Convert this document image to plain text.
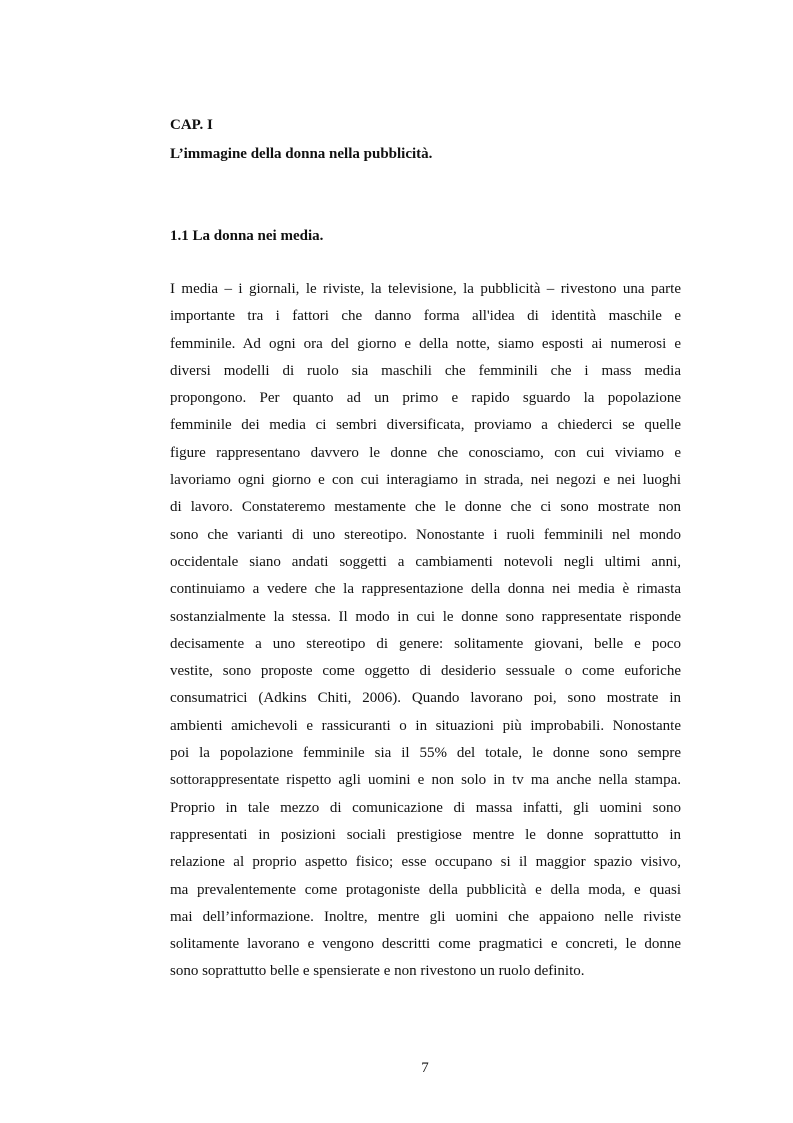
CAP. I

L’immagine della donna nella pubblicità.

1.1 La donna nei media.

I media – i giornali, le riviste, la televisione, la pubblicità – rivestono una parte
importante tra i fattori che danno forma all'idea di identità maschile e
femminile. Ad ogni ora del giorno e della notte, siamo esposti ai numerosi e
diversi modelli di ruolo sia maschili che femminili che i mass media
propongono. Per quanto ad un primo e rapido sguardo la popolazione
femminile dei media ci sembri diversificata, proviamo a chiederci se quelle
figure rappresentano davvero le donne che conosciamo, con cui viviamo e
lavoriamo ogni giorno e con cui interagiamo in strada, nei negozi e nei luoghi
di lavoro. Constateremo mestamente che le donne che ci sono mostrate non
sono che varianti di uno stereotipo. Nonostante i ruoli femminili nel mondo
occidentale siano andati soggetti a cambiamenti notevoli negli ultimi anni,
continuiamo a vedere che la rappresentazione della donna nei media è rimasta
sostanzialmente la stessa. Il modo in cui le donne sono rappresentate risponde
decisamente a uno stereotipo di genere: solitamente giovani, belle e poco
vestite, sono proposte come oggetto di desiderio sessuale o come euforiche
consumatrici (Adkins Chiti, 2006). Quando lavorano poi, sono mostrate in
ambienti amichevoli e rassicuranti o in situazioni più improbabili. Nonostante
poi la popolazione femminile sia il 55% del totale, le donne sono sempre
sottorappresentate rispetto agli uomini e non solo in tv ma anche nella stampa.
Proprio in tale mezzo di comunicazione di massa infatti, gli uomini sono
rappresentati in posizioni sociali prestigiose mentre le donne soprattutto in
relazione al proprio aspetto fisico; esse occupano si il maggior spazio visivo,
ma prevalentemente come protagoniste della pubblicità e della moda, e quasi
mai dell’informazione. Inoltre, mentre gli uomini che appaiono nelle riviste
solitamente lavorano e vengono descritti come pragmatici e concreti, le donne
sono soprattutto belle e spensierate e non rivestono un ruolo definito.

7
